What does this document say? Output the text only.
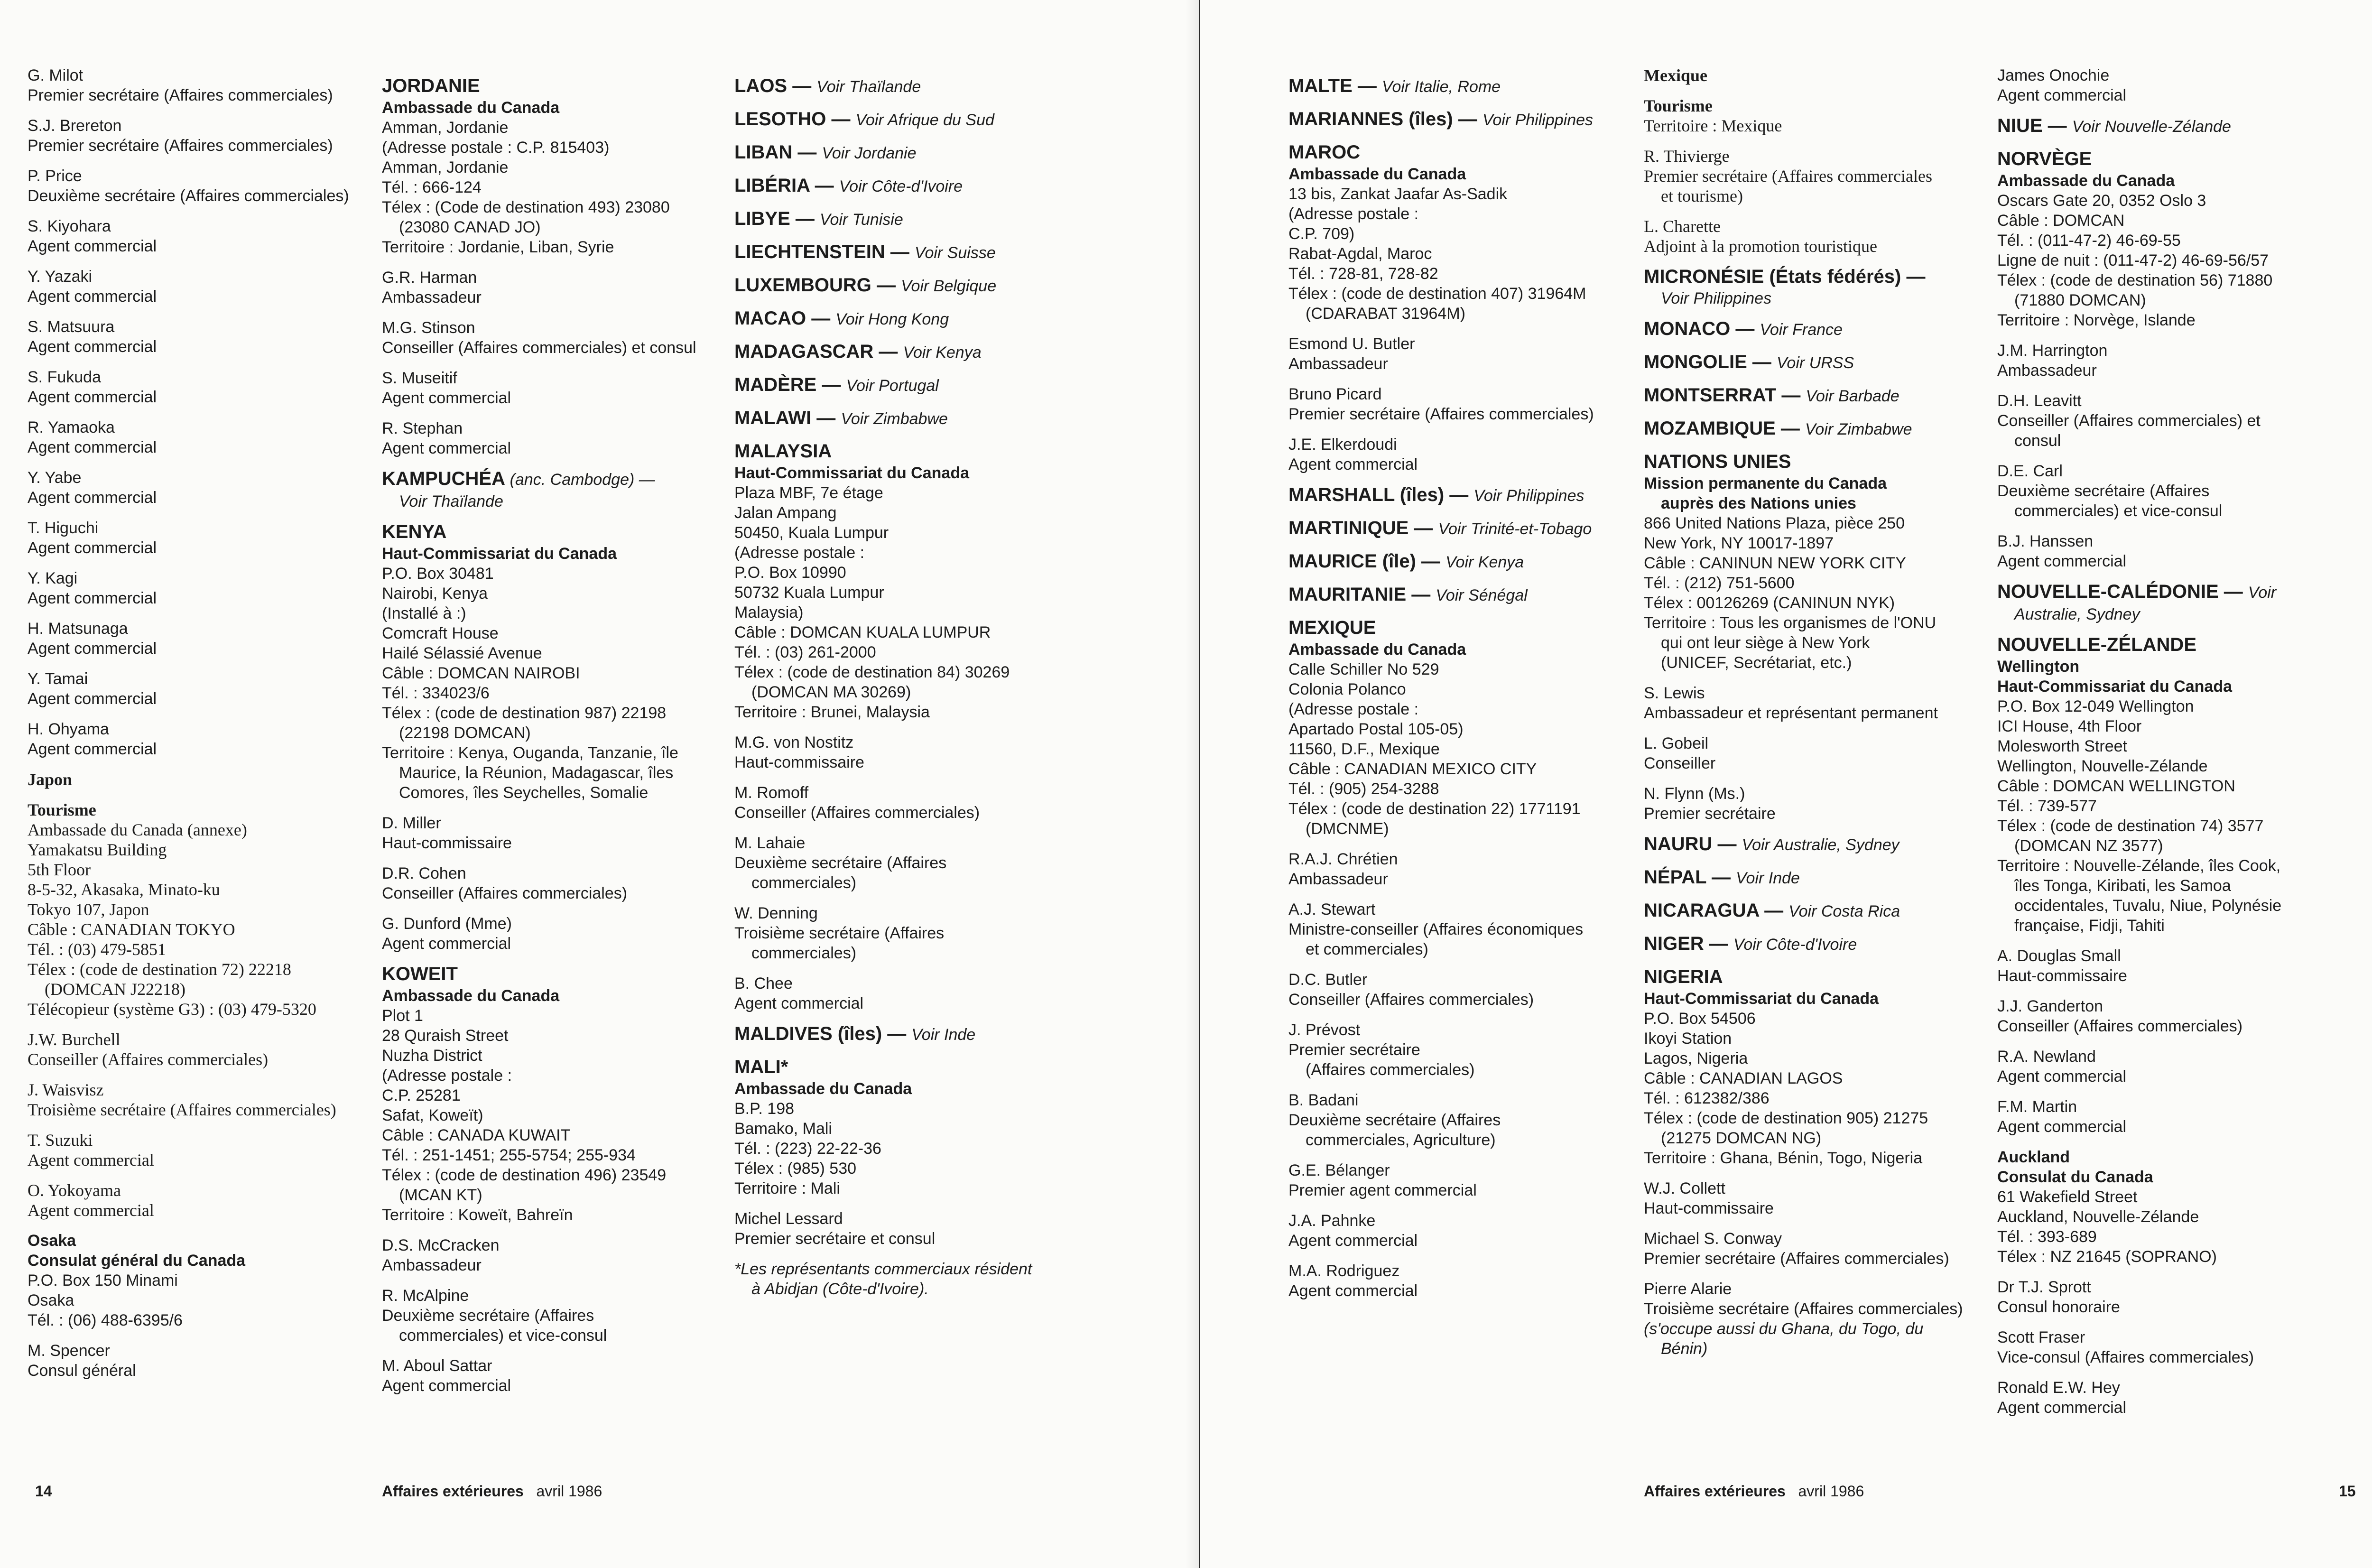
G. Milot
Premier secrétaire (Affaires commerciales)
S.J. Brereton
Premier secrétaire (Affaires commerciales)
P. Price
Deuxième secrétaire (Affaires commerciales)
S. Kiyohara
Agent commercial
Y. Yazaki
Agent commercial
S. Matsuura
Agent commercial
S. Fukuda
Agent commercial
R. Yamaoka
Agent commercial
Y. Yabe
Agent commercial
T. Higuchi
Agent commercial
Y. Kagi
Agent commercial
H. Matsunaga
Agent commercial
Y. Tamai
Agent commercial
H. Ohyama
Agent commercial
Japon
Tourisme
Ambassade du Canada (annexe)
Yamakatsu Building
5th Floor
8-5-32, Akasaka, Minato-ku
Tokyo 107, Japon
Câble : CANADIAN TOKYO
Tél. : (03) 479-5851
Télex : (code de destination 72) 22218
(DOMCAN J22218)
Télécopieur (système G3) : (03) 479-5320
J.W. Burchell
Conseiller (Affaires commerciales)
J. Waisvisz
Troisième secrétaire (Affaires commerciales)
T. Suzuki
Agent commercial
O. Yokoyama
Agent commercial
Osaka
Consulat général du Canada
P.O. Box 150 Minami
Osaka
Tél. : (06) 488-6395/6
M. Spencer
Consul général
JORDANIE
Ambassade du Canada
Amman, Jordanie
(Adresse postale : C.P. 815403)
Amman, Jordanie
Tél. : 666-124
Télex : (Code de destination 493) 23080
(23080 CANAD JO)
Territoire : Jordanie, Liban, Syrie
G.R. Harman
Ambassadeur
M.G. Stinson
Conseiller (Affaires commerciales) et consul
S. Museitif
Agent commercial
R. Stephan
Agent commercial
KAMPUCHÉA (anc. Cambodge) —
Voir Thaïlande
KENYA
Haut-Commissariat du Canada
P.O. Box 30481
Nairobi, Kenya
(Installé à :)
Comcraft House
Hailé Sélassié Avenue
Câble : DOMCAN NAIROBI
Tél. : 334023/6
Télex : (code de destination 987) 22198
(22198 DOMCAN)
Territoire : Kenya, Ouganda, Tanzanie, île
Maurice, la Réunion, Madagascar, îles
Comores, îles Seychelles, Somalie
D. Miller
Haut-commissaire
D.R. Cohen
Conseiller (Affaires commerciales)
G. Dunford (Mme)
Agent commercial
KOWEIT
Ambassade du Canada
Plot 1
28 Quraish Street
Nuzha District
(Adresse postale :
C.P. 25281
Safat, Koweït)
Câble : CANADA KUWAIT
Tél. : 251-1451; 255-5754; 255-934
Télex : (code de destination 496) 23549
(MCAN KT)
Territoire : Koweït, Bahreïn
D.S. McCracken
Ambassadeur
R. McAlpine
Deuxième secrétaire (Affaires
commerciales) et vice-consul
M. Aboul Sattar
Agent commercial
LAOS — Voir Thaïlande
LESOTHO — Voir Afrique du Sud
LIBAN — Voir Jordanie
LIBÉRIA — Voir Côte-d'Ivoire
LIBYE — Voir Tunisie
LIECHTENSTEIN — Voir Suisse
LUXEMBOURG — Voir Belgique
MACAO — Voir Hong Kong
MADAGASCAR — Voir Kenya
MADÈRE — Voir Portugal
MALAWI — Voir Zimbabwe
MALAYSIA
Haut-Commissariat du Canada
Plaza MBF, 7e étage
Jalan Ampang
50450, Kuala Lumpur
(Adresse postale :
P.O. Box 10990
50732 Kuala Lumpur
Malaysia)
Câble : DOMCAN KUALA LUMPUR
Tél. : (03) 261-2000
Télex : (code de destination 84) 30269
(DOMCAN MA 30269)
Territoire : Brunei, Malaysia
M.G. von Nostitz
Haut-commissaire
M. Romoff
Conseiller (Affaires commerciales)
M. Lahaie
Deuxième secrétaire (Affaires
commerciales)
W. Denning
Troisième secrétaire (Affaires
commerciales)
B. Chee
Agent commercial
MALDIVES (îles) — Voir Inde
MALI*
Ambassade du Canada
B.P. 198
Bamako, Mali
Tél. : (223) 22-22-36
Télex : (985) 530
Territoire : Mali
Michel Lessard
Premier secrétaire et consul
*Les représentants commerciaux résident
à Abidjan (Côte-d'Ivoire).
MALTE — Voir Italie, Rome
MARIANNES (îles) — Voir Philippines
MAROC
Ambassade du Canada
13 bis, Zankat Jaafar As-Sadik
(Adresse postale :
C.P. 709)
Rabat-Agdal, Maroc
Tél. : 728-81, 728-82
Télex : (code de destination 407) 31964M
(CDARABAT 31964M)
Esmond U. Butler
Ambassadeur
Bruno Picard
Premier secrétaire (Affaires commerciales)
J.E. Elkerdoudi
Agent commercial
MARSHALL (îles) — Voir Philippines
MARTINIQUE — Voir Trinité-et-Tobago
MAURICE (île) — Voir Kenya
MAURITANIE — Voir Sénégal
MEXIQUE
Ambassade du Canada
Calle Schiller No 529
Colonia Polanco
(Adresse postale :
Apartado Postal 105-05)
11560, D.F., Mexique
Câble : CANADIAN MEXICO CITY
Tél. : (905) 254-3288
Télex : (code de destination 22) 1771191
(DMCNME)
R.A.J. Chrétien
Ambassadeur
A.J. Stewart
Ministre-conseiller (Affaires économiques
et commerciales)
D.C. Butler
Conseiller (Affaires commerciales)
J. Prévost
Premier secrétaire
(Affaires commerciales)
B. Badani
Deuxième secrétaire (Affaires
commerciales, Agriculture)
G.E. Bélanger
Premier agent commercial
J.A. Pahnke
Agent commercial
M.A. Rodriguez
Agent commercial
Mexique
Tourisme
Territoire : Mexique
R. Thivierge
Premier secrétaire (Affaires commerciales
et tourisme)
L. Charette
Adjoint à la promotion touristique
MICRONÉSIE (États fédérés) —
Voir Philippines
MONACO — Voir France
MONGOLIE — Voir URSS
MONTSERRAT — Voir Barbade
MOZAMBIQUE — Voir Zimbabwe
NATIONS UNIES
Mission permanente du Canada
auprès des Nations unies
866 United Nations Plaza, pièce 250
New York, NY 10017-1897
Câble : CANINUN NEW YORK CITY
Tél. : (212) 751-5600
Télex : 00126269 (CANINUN NYK)
Territoire : Tous les organismes de l'ONU
qui ont leur siège à New York
(UNICEF, Secrétariat, etc.)
S. Lewis
Ambassadeur et représentant permanent
L. Gobeil
Conseiller
N. Flynn (Ms.)
Premier secrétaire
NAURU — Voir Australie, Sydney
NÉPAL — Voir Inde
NICARAGUA — Voir Costa Rica
NIGER — Voir Côte-d'Ivoire
NIGERIA
Haut-Commissariat du Canada
P.O. Box 54506
Ikoyi Station
Lagos, Nigeria
Câble : CANADIAN LAGOS
Tél. : 612382/386
Télex : (code de destination 905) 21275
(21275 DOMCAN NG)
Territoire : Ghana, Bénin, Togo, Nigeria
W.J. Collett
Haut-commissaire
Michael S. Conway
Premier secrétaire (Affaires commerciales)
Pierre Alarie
Troisième secrétaire (Affaires commerciales)
(s'occupe aussi du Ghana, du Togo, du
Bénin)
James Onochie
Agent commercial
NIUE — Voir Nouvelle-Zélande
NORVÈGE
Ambassade du Canada
Oscars Gate 20, 0352 Oslo 3
Câble : DOMCAN
Tél. : (011-47-2) 46-69-55
Ligne de nuit : (011-47-2) 46-69-56/57
Télex : (code de destination 56) 71880
(71880 DOMCAN)
Territoire : Norvège, Islande
J.M. Harrington
Ambassadeur
D.H. Leavitt
Conseiller (Affaires commerciales) et
consul
D.E. Carl
Deuxième secrétaire (Affaires
commerciales) et vice-consul
B.J. Hanssen
Agent commercial
NOUVELLE-CALÉDONIE — Voir
Australie, Sydney
NOUVELLE-ZÉLANDE
Wellington
Haut-Commissariat du Canada
P.O. Box 12-049 Wellington
ICI House, 4th Floor
Molesworth Street
Wellington, Nouvelle-Zélande
Câble : DOMCAN WELLINGTON
Tél. : 739-577
Télex : (code de destination 74) 3577
(DOMCAN NZ 3577)
Territoire : Nouvelle-Zélande, îles Cook,
îles Tonga, Kiribati, les Samoa
occidentales, Tuvalu, Niue, Polynésie
française, Fidji, Tahiti
A. Douglas Small
Haut-commissaire
J.J. Ganderton
Conseiller (Affaires commerciales)
R.A. Newland
Agent commercial
F.M. Martin
Agent commercial
Auckland
Consulat du Canada
61 Wakefield Street
Auckland, Nouvelle-Zélande
Tél. : 393-689
Télex : NZ 21645 (SOPRANO)
Dr T.J. Sprott
Consul honoraire
Scott Fraser
Vice-consul (Affaires commerciales)
Ronald E.W. Hey
Agent commercial
14	Affaires extérieures avril 1986	Affaires extérieures avril 1986	15
